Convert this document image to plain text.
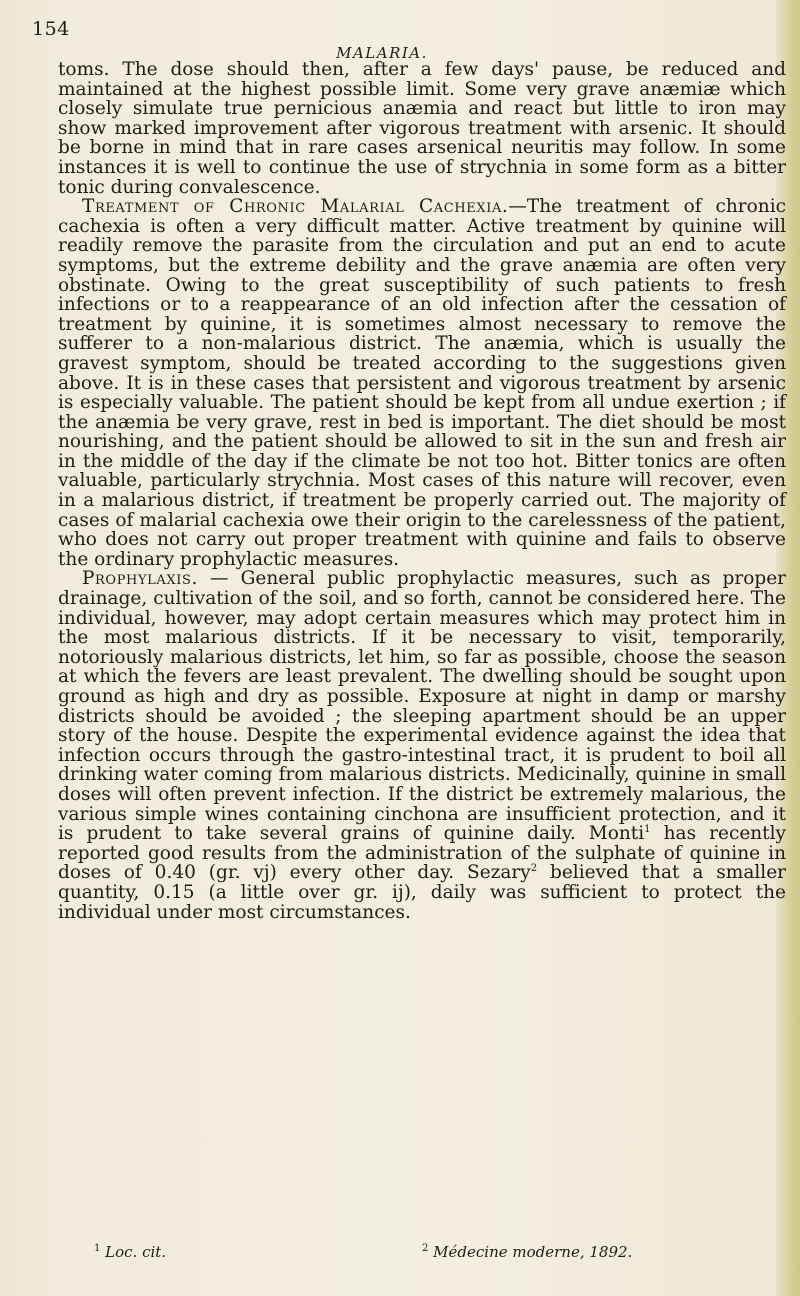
154
MALARIA.

toms. The dose should then, after a few days' pause, be reduced and maintained at the highest possible limit. Some very grave anæmiæ which closely simulate true pernicious anæmia and react but little to iron may show marked improvement after vigorous treatment with arsenic. It should be borne in mind that in rare cases arsenical neuritis may follow. In some instances it is well to continue the use of strychnia in some form as a bitter tonic during convalescence.

Treatment of Chronic Malarial Cachexia.—The treatment of chronic cachexia is often a very difficult matter. Active treatment by quinine will readily remove the parasite from the circulation and put an end to acute symptoms, but the extreme debility and the grave anæmia are often very obstinate. Owing to the great susceptibility of such patients to fresh infections or to a reappearance of an old infection after the cessation of treatment by quinine, it is sometimes almost necessary to remove the sufferer to a non-malarious district. The anæmia, which is usually the gravest symptom, should be treated according to the suggestions given above. It is in these cases that persistent and vigorous treatment by arsenic is especially valuable. The patient should be kept from all undue exertion ; if the anæmia be very grave, rest in bed is important. The diet should be most nourishing, and the patient should be allowed to sit in the sun and fresh air in the middle of the day if the climate be not too hot. Bitter tonics are often valuable, particularly strychnia. Most cases of this nature will recover, even in a malarious district, if treatment be properly carried out. The majority of cases of malarial cachexia owe their origin to the carelessness of the patient, who does not carry out proper treatment with quinine and fails to observe the ordinary prophylactic measures.

Prophylaxis. — General public prophylactic measures, such as proper drainage, cultivation of the soil, and so forth, cannot be considered here. The individual, however, may adopt certain measures which may protect him in the most malarious districts. If it be necessary to visit, temporarily, notoriously malarious districts, let him, so far as possible, choose the season at which the fevers are least prevalent. The dwelling should be sought upon ground as high and dry as possible. Exposure at night in damp or marshy districts should be avoided ; the sleeping apartment should be an upper story of the house. Despite the experimental evidence against the idea that infection occurs through the gastro-intestinal tract, it is prudent to boil all drinking water coming from malarious districts. Medicinally, quinine in small doses will often prevent infection. If the district be extremely malarious, the various simple wines containing cinchona are insufficient protection, and it is prudent to take several grains of quinine daily. Monti$^1$ has recently reported good results from the administration of the sulphate of quinine in doses of 0.40 (gr. vj) every other day. Sezary$^2$ believed that a smaller quantity, 0.15 (a little over gr. ij), daily was sufficient to protect the individual under most circumstances.

$^1$ Loc. cit.	$^2$ Médecine moderne, 1892.
